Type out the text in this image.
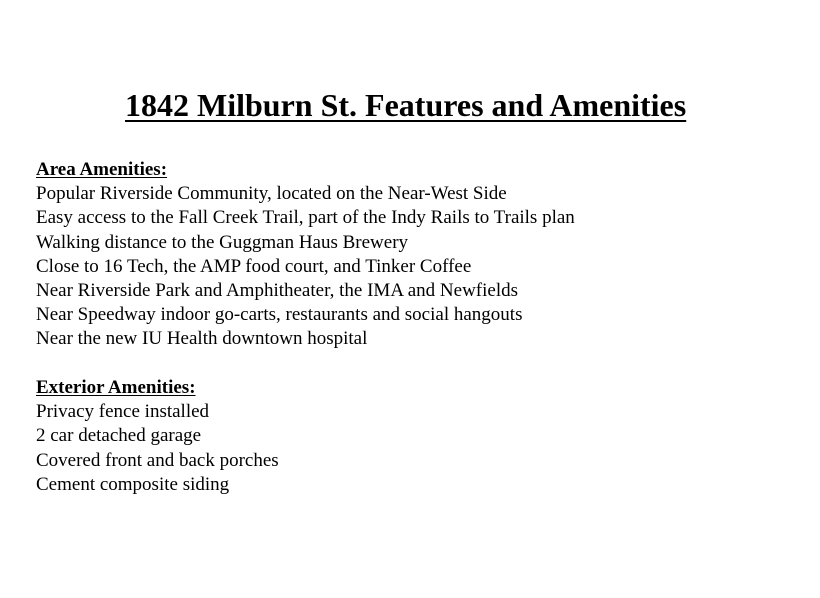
1842 Milburn St. Features and Amenities

Area Amenities:

Popular Riverside Community, located on the Near-West Side
Easy access to the Fall Creek Trail, part of the Indy Rails to Trails plan
Walking distance to the Guggman Haus Brewery
Close to 16 Tech, the AMP food court, and Tinker Coffee
Near Riverside Park and Amphitheater, the IMA and Newfields
Near Speedway indoor go-carts, restaurants and social hangouts
Near the new IU Health downtown hospital

Exterior Amenities:

Privacy fence installed
2 car detached garage
Covered front and back porches
Cement composite siding
